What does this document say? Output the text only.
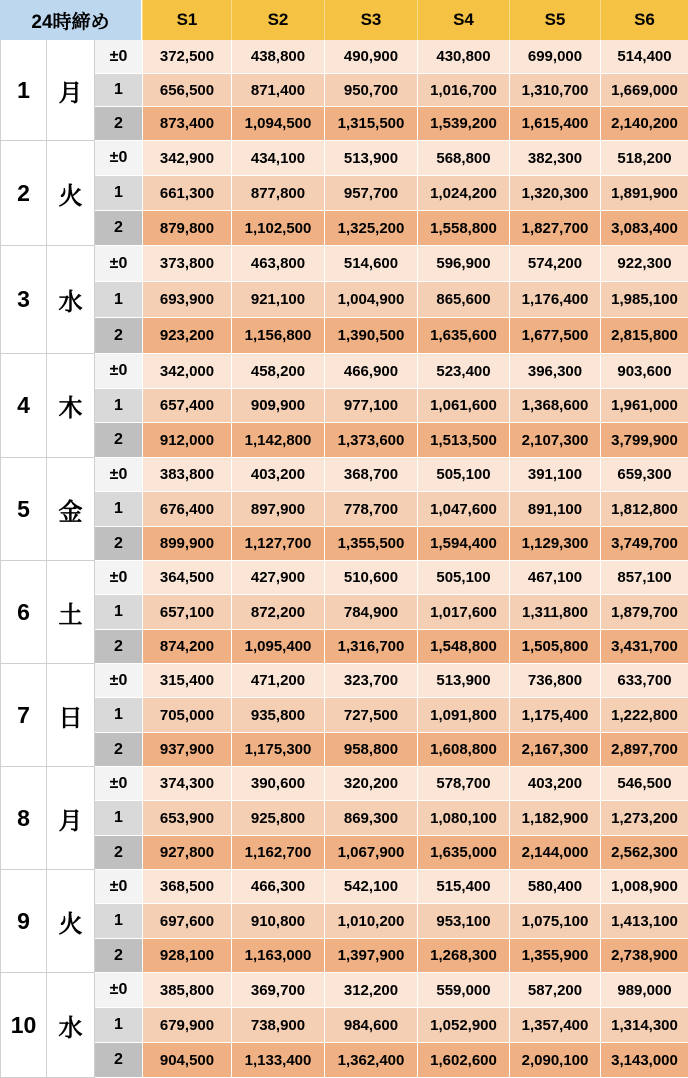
24時締め	S1	S2	S3	S4	S5	S6
1	月
±0	372,500	438,800	490,900	430,800	699,000	514,400
1	656,500	871,400	950,700	1,016,700	1,310,700	1,669,000
2	873,400	1,094,500	1,315,500	1,539,200	1,615,400	2,140,200
2	火
±0	342,900	434,100	513,900	568,800	382,300	518,200
1	661,300	877,800	957,700	1,024,200	1,320,300	1,891,900
2	879,800	1,102,500	1,325,200	1,558,800	1,827,700	3,083,400
3	水
±0	373,800	463,800	514,600	596,900	574,200	922,300
1	693,900	921,100	1,004,900	865,600	1,176,400	1,985,100
2	923,200	1,156,800	1,390,500	1,635,600	1,677,500	2,815,800
4	木
±0	342,000	458,200	466,900	523,400	396,300	903,600
1	657,400	909,900	977,100	1,061,600	1,368,600	1,961,000
2	912,000	1,142,800	1,373,600	1,513,500	2,107,300	3,799,900
5	金
±0	383,800	403,200	368,700	505,100	391,100	659,300
1	676,400	897,900	778,700	1,047,600	891,100	1,812,800
2	899,900	1,127,700	1,355,500	1,594,400	1,129,300	3,749,700
6	土
±0	364,500	427,900	510,600	505,100	467,100	857,100
1	657,100	872,200	784,900	1,017,600	1,311,800	1,879,700
2	874,200	1,095,400	1,316,700	1,548,800	1,505,800	3,431,700
7	日
±0	315,400	471,200	323,700	513,900	736,800	633,700
1	705,000	935,800	727,500	1,091,800	1,175,400	1,222,800
2	937,900	1,175,300	958,800	1,608,800	2,167,300	2,897,700
8	月
±0	374,300	390,600	320,200	578,700	403,200	546,500
1	653,900	925,800	869,300	1,080,100	1,182,900	1,273,200
2	927,800	1,162,700	1,067,900	1,635,000	2,144,000	2,562,300
9	火
±0	368,500	466,300	542,100	515,400	580,400	1,008,900
1	697,600	910,800	1,010,200	953,100	1,075,100	1,413,100
2	928,100	1,163,000	1,397,900	1,268,300	1,355,900	2,738,900
10 水
±0	385,800	369,700	312,200	559,000	587,200	989,000
1	679,900	738,900	984,600	1,052,900	1,357,400	1,314,300
2	904,500	1,133,400	1,362,400	1,602,600	2,090,100	3,143,000
